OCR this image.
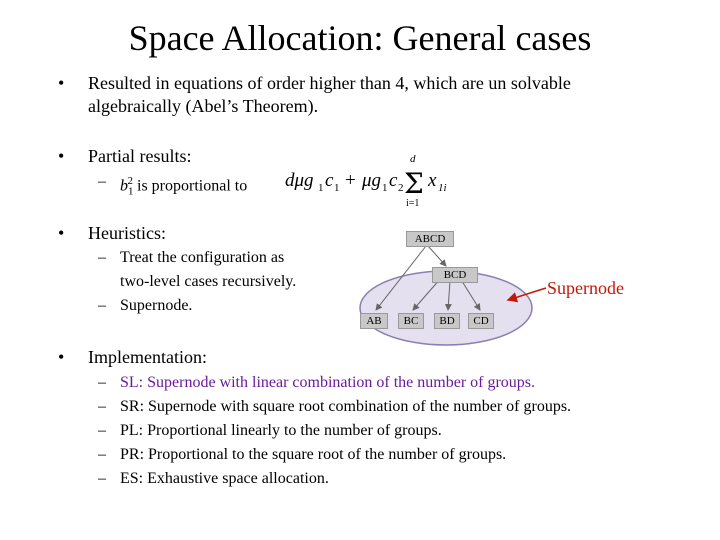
Space Allocation: General cases
• Resulted in equations of order higher than 4, which are un solvable
algebraically (Abel’s Theorem).
• Partial results:
– $b_1^2$ is proportional to dμg 1 c 1 + μg 1 c 2 Σ
d
i=1
x 1i
• Heuristics:
– Treat the configuration as
two-level cases recursively.
– Supernode.
ABCD
BCD
AB	BC	BD	CD
Supernode
• Implementation:
– SL: Supernode with linear combination of the number of groups.
– SR: Supernode with square root combination of the number of groups.
– PL: Proportional linearly to the number of groups.
– PR: Proportional to the square root of the number of groups.
– ES: Exhaustive space allocation.
